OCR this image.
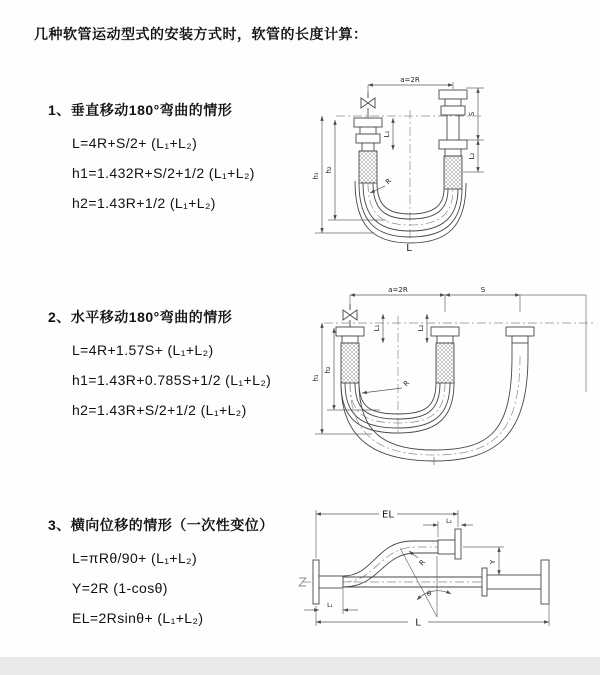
几种软管运动型式的安装方式时，软管的长度计算：
1、垂直移动180°弯曲的情形
L=4R+S/2+ (L₁+L₂)
h1=1.432R+S/2+1/2 (L₁+L₂)
h2=1.43R+1/2 (L₁+L₂)
2、水平移动180°弯曲的情形
L=4R+1.57S+ (L₁+L₂)
h1=1.43R+0.785S+1/2 (L₁+L₂)
h2=1.43R+S/2+1/2 (L₁+L₂)
3、横向位移的情形（一次性变位）
L=πRθ/90+ (L₁+L₂)
Y=2R (1-cosθ)
EL=2Rsinθ+ (L₁+L₂)
a=2R
h₁
h₂
L₁
S
L₂
R
L
a=2R	S
h₁
h₂
L₁	L₂
R
EL
L₂
Y
L
L₁
θ
R
